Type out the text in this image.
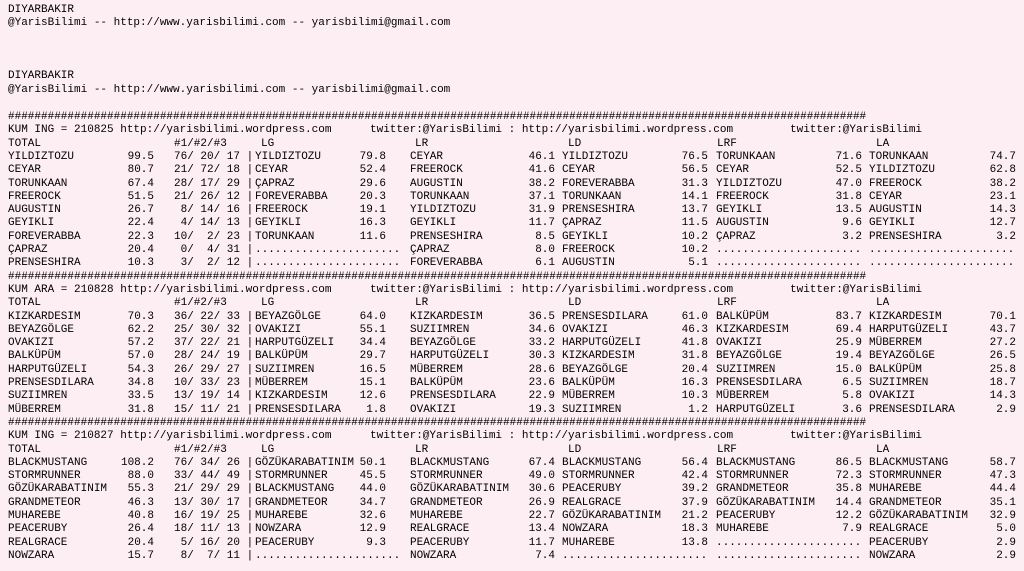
DIYARBAKIR
@YarisBilimi -- http://www.yarisbilimi.com -- yarisbilimi@gmail.com
DIYARBAKIR
@YarisBilimi -- http://www.yarisbilimi.com -- yarisbilimi@gmail.com
##################################################################################################################################
KUM ING = 210825 http://yarisbilimi.wordpress.com	twitter:@YarisBilimi : http://yarisbilimi.wordpress.com	twitter:@YarisBilimi
TOTAL	#1/#2/#3	LG	LR	LD	LRF	LA
YILDIZTOZU	99.5 76/ 20/ 17 | YILDIZTOZU	79.8 CEYAR	46.1 YILDIZTOZU	76.5 TORUNKAAN	71.6 TORUNKAAN	74.7
CEYAR	80.7 21/ 72/ 18 | CEYAR	52.4 FREEROCK	41.6 CEYAR	56.5 CEYAR	52.5 YILDIZTOZU	62.8
TORUNKAAN	67.4 28/ 17/ 29 | ÇAPRAZ	29.6 AUGUSTIN	38.2 FOREVERABBA	31.3 YILDIZTOZU	47.0 FREEROCK	38.2
FREEROCK	51.5 21/ 26/ 12 | FOREVERABBA	20.3 TORUNKAAN	37.1 TORUNKAAN	14.1 FREEROCK	31.8 CEYAR	23.1
AUGUSTIN	26.7 8/ 14/ 16 | FREEROCK	19.1 YILDIZTOZU	31.9 PRENSESHIRA	13.7 GEYIKLI	13.5 AUGUSTIN	14.3
GEYIKLI	22.4 4/ 14/ 13 | GEYIKLI	16.3 GEYIKLI	11.7 ÇAPRAZ	11.5 AUGUSTIN	9.6 GEYIKLI	12.7
FOREVERABBA	22.3 10/  2/ 23 | TORUNKAAN	11.6 PRENSESHIRA	8.5 GEYIKLI	10.2 ÇAPRAZ	3.2 PRENSESHIRA	3.2
ÇAPRAZ	20.4 0/  4/ 31 | ...................... ÇAPRAZ	8.0 FREEROCK	10.2 ...................... ......................
PRENSESHIRA	10.3 3/  2/ 12 | ...................... FOREVERABBA	6.1 AUGUSTIN	5.1 ...................... ......................
##################################################################################################################################
KUM ARA = 210828 http://yarisbilimi.wordpress.com	twitter:@YarisBilimi : http://yarisbilimi.wordpress.com	twitter:@YarisBilimi
TOTAL	#1/#2/#3	LG	LR	LD	LRF	LA
KIZKARDESIM	70.3 36/ 22/ 33 | BEYAZGÖLGE	64.0 KIZKARDESIM	36.5 PRENSESDILARA	61.0 BALKÜPÜM	83.7 KIZKARDESIM	70.1
BEYAZGÖLGE	62.2 25/ 30/ 32 | OVAKIZI	55.1 SUZIIMREN	34.6 OVAKIZI	46.3 KIZKARDESIM	69.4 HARPUTGÜZELI	43.7
OVAKIZI	57.2 37/ 22/ 21 | HARPUTGÜZELI 34.4 BEYAZGÖLGE	33.2 HARPUTGÜZELI	41.8 OVAKIZI	25.9 MÜBERREM	27.2
BALKÜPÜM	57.0 28/ 24/ 19 | BALKÜPÜM	29.7 HARPUTGÜZELI	30.3 KIZKARDESIM	31.8 BEYAZGÖLGE	19.4 BEYAZGÖLGE	26.5
HARPUTGÜZELI	54.3 26/ 29/ 27 | SUZIIMREN	16.5 MÜBERREM	28.6 BEYAZGÖLGE	20.4 SUZIIMREN	15.0 BALKÜPÜM	25.8
PRENSESDILARA	34.8 10/ 33/ 23 | MÜBERREM	15.1 BALKÜPÜM	23.6 BALKÜPÜM	16.3 PRENSESDILARA	6.5 SUZIIMREN	18.7
SUZIIMREN	33.5 13/ 19/ 14 | KIZKARDESIM	12.6 PRENSESDILARA	22.9 MÜBERREM	10.3 MÜBERREM	5.8 OVAKIZI	14.3
MÜBERREM	31.8 15/ 11/ 21 | PRENSESDILARA 1.8 OVAKIZI	19.3 SUZIIMREN	1.2 HARPUTGÜZELI	3.6 PRENSESDILARA	2.9
##################################################################################################################################
KUM ING = 210827 http://yarisbilimi.wordpress.com	twitter:@YarisBilimi : http://yarisbilimi.wordpress.com	twitter:@YarisBilimi
TOTAL	#1/#2/#3	LG	LR	LD	LRF	LA
BLACKMUSTANG	108.2 76/ 34/ 26 | GÖZÜKARABATINIM 50.1 BLACKMUSTANG	67.4 BLACKMUSTANG	56.4 BLACKMUSTANG	86.5 BLACKMUSTANG	58.7
STORMRUNNER	88.0 33/ 44/ 49 | STORMRUNNER	45.5 STORMRUNNER	49.0 STORMRUNNER	42.4 STORMRUNNER	72.3 STORMRUNNER	47.3
GÖZÜKARABATINIM 55.3 21/ 29/ 29 | BLACKMUSTANG 44.0 GÖZÜKARABATINIM 30.6 PEACERUBY	39.2 GRANDMETEOR	35.8 MUHAREBE	44.4
GRANDMETEOR	46.3 13/ 30/ 17 | GRANDMETEOR	34.7 GRANDMETEOR	26.9 REALGRACE	37.9 GÖZÜKARABATINIM 14.4 GRANDMETEOR	35.1
MUHAREBE	40.8 16/ 19/ 25 | MUHAREBE	32.6 MUHAREBE	22.7 GÖZÜKARABATINIM 21.2 PEACERUBY	12.2 GÖZÜKARABATINIM 32.9
PEACERUBY	26.4 18/ 11/ 13 | NOWZARA	12.9 REALGRACE	13.4 NOWZARA	18.3 MUHAREBE	7.9 REALGRACE	5.0
REALGRACE	20.4 5/ 16/ 20 | PEACERUBY	9.3 PEACERUBY	11.7 MUHAREBE	13.8 ...................... PEACERUBY	2.9
NOWZARA	15.7 8/  7/ 11 | ...................... NOWZARA	7.4 ...................... ...................... NOWZARA	2.9
